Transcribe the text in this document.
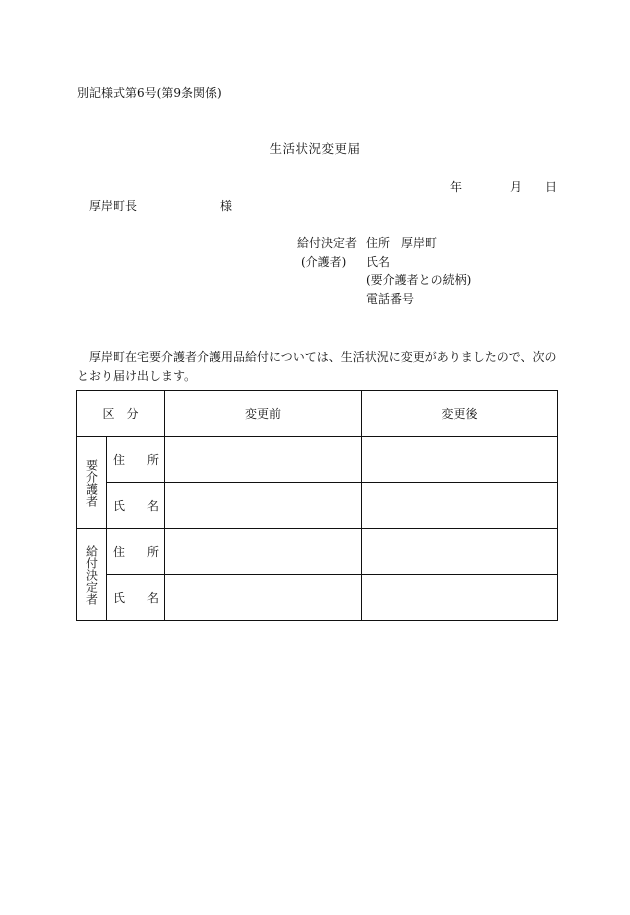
別記様式第6号(第9条関係)
生活状況変更届
年	月 日
厚岸町長	様
給付決定者
(介護者)
住所 厚岸町
氏名
(要介護者との続柄)
電話番号
厚岸町在宅要介護者介護用品給付については、生活状況に変更がありましたので、次のとおり届け出します。
区　分		変更前	変更後
要介護者	住所		
	氏名		
給付決定者	住所		
	氏名		
